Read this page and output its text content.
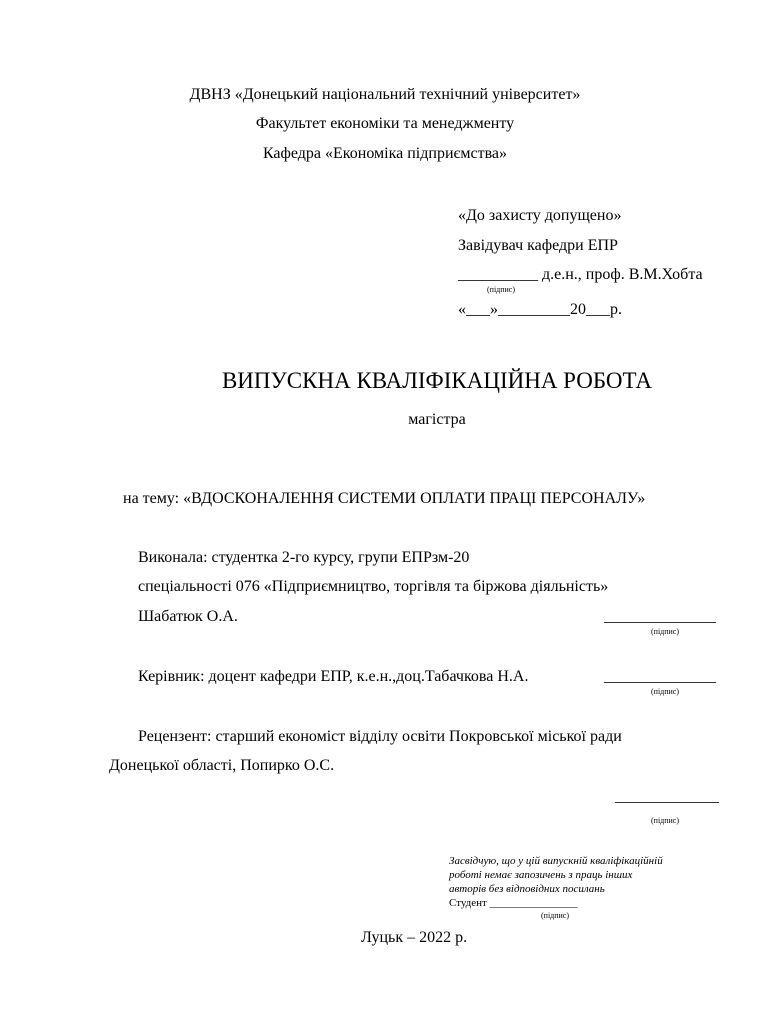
ДВНЗ «Донецький національний технічний університет»
Факультет економіки та менеджменту
Кафедра «Економіка підприємства»
«До захисту допущено»
Завідувач кафедри ЕПР
__________ д.е.н., проф. В.М.Хобта
(підпис)
«___»_________20___р.
ВИПУСКНА КВАЛІФІКАЦІЙНА РОБОТА
магістра
на тему: «ВДОСКОНАЛЕННЯ СИСТЕМИ ОПЛАТИ ПРАЦІ ПЕРСОНАЛУ»
Виконала: студентка 2-го курсу, групи ЕПРзм-20
спеціальності 076 «Підприємництво, торгівля та біржова діяльність»
Шабатюк О.А.	______________
(підпис)
Керівник: доцент кафедри ЕПР, к.е.н.,доц.Табачкова Н.А.	______________
(підпис)
Рецензент: старший економіст відділу освіти Покровської міської ради
Донецької області, Попирко О.С.
_____________
(підпис)
Засвідчую, що у цій випускній кваліфікаційній
роботі немає запозичень з праць інших
авторів без відповідних посилань
Студент ________________
(підпис)
Луцьк – 2022 р.
